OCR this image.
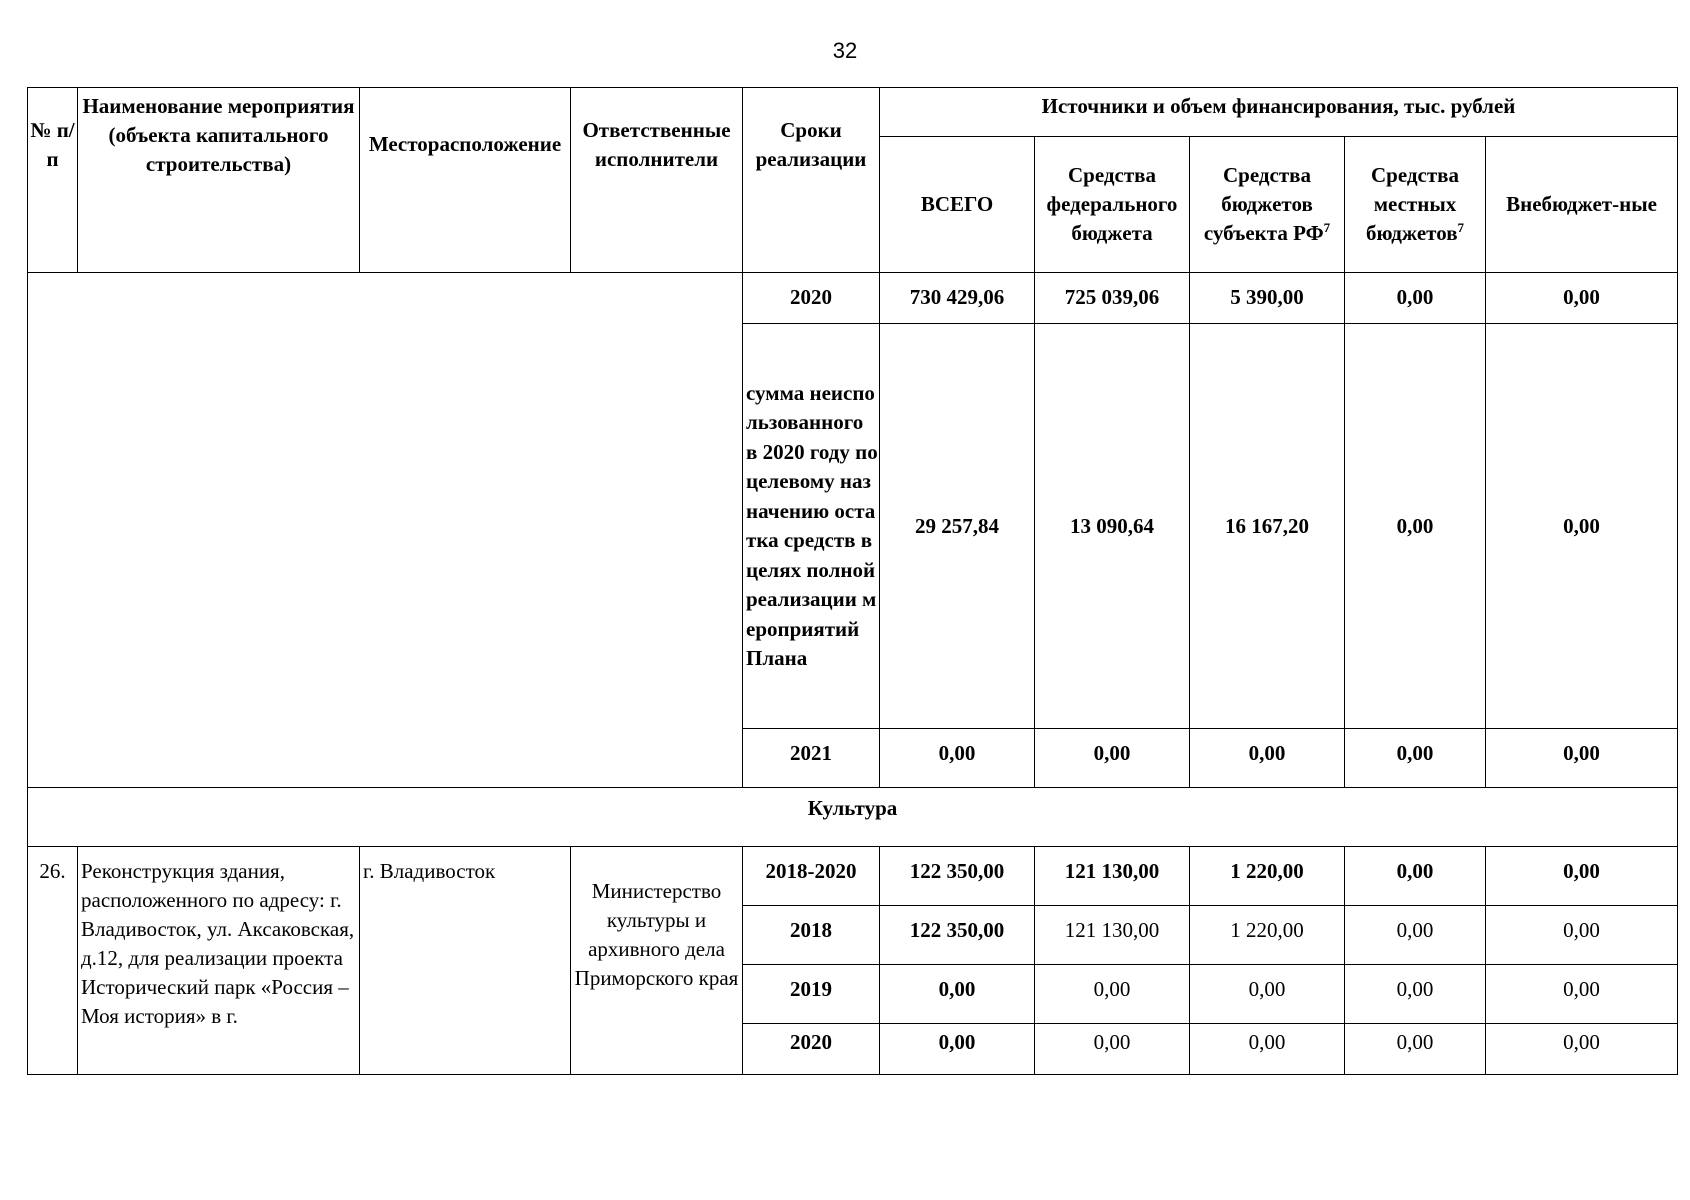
32
№ п/п	Наименование мероприятия (объекта капитального строительства)	Месторасположение	Ответственные исполнители	Сроки реализации	Источники и объем финансирования, тыс. рублей				
					ВСЕГО	Средства федерального бюджета	Средства бюджетов субъекта $РФ^7$	Средства местных бюджетов$^7$	Внебюджет-ные
				2020	730 429,06	725 039,06	5 390,00	0,00	0,00
				сумма неиспользованного в 2020 году по целевому назначению остатка средств в целях полной реализации мероприятий Плана	29 257,84	13 090,64	16 167,20	0,00	0,00
				2021	0,00	0,00	0,00	0,00	0,00
Культура									
26.	Реконструкция здания, расположенного по адресу: г. Владивосток, ул. Аксаковская, д.12, для реализации проекта Исторический парк «Россия – Моя история» в г.	г. Владивосток	Министерство культуры и архивного дела Приморского края	2018-2020	122 350,00	121 130,00	1 220,00	0,00	0,00
				2018	122 350,00	121 130,00	1 220,00	0,00	0,00
				2019	0,00	0,00	0,00	0,00	0,00
				2020	0,00	0,00	0,00	0,00	0,00
